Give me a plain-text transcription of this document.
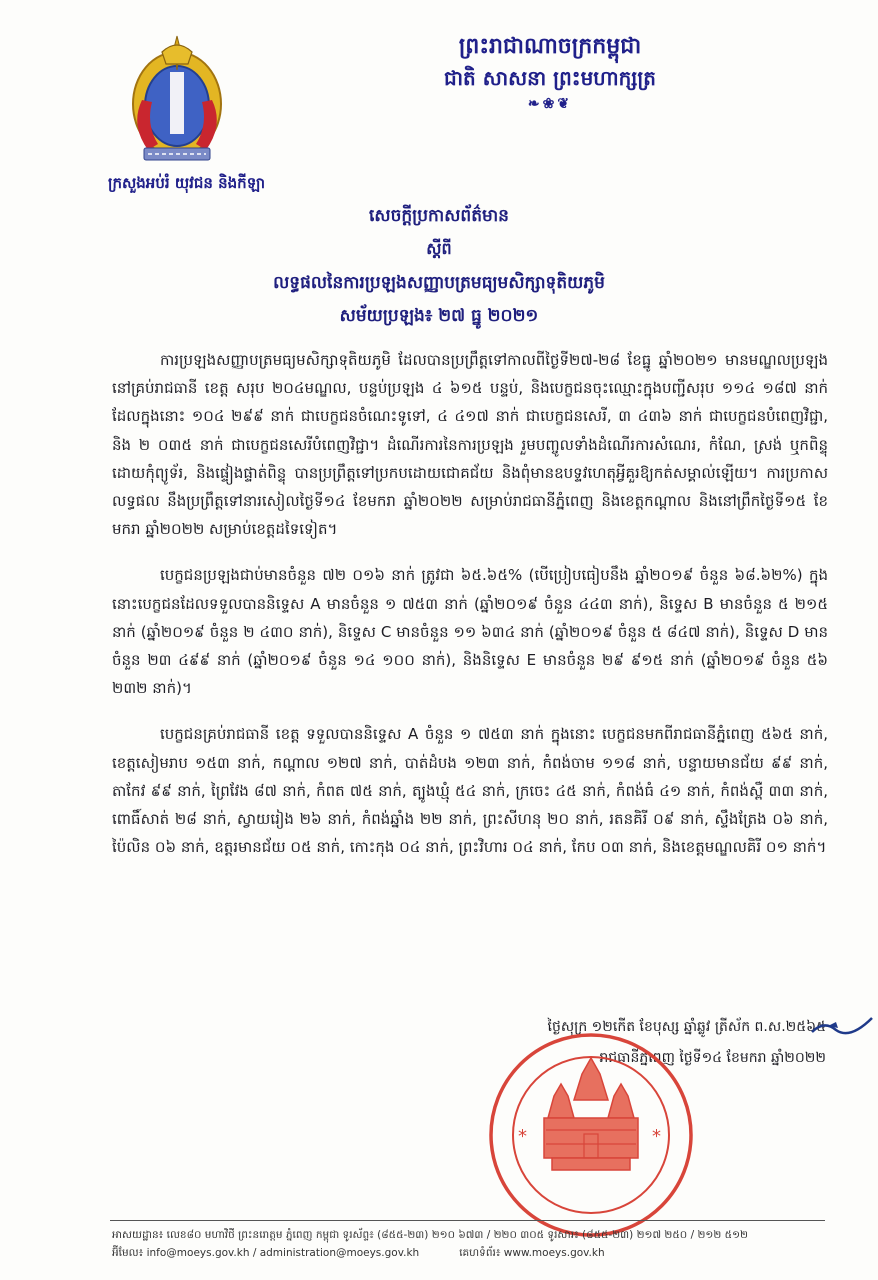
ព្រះរាជាណាចក្រកម្ពុជា
ជាតិ សាសនា ព្រះមហាក្សត្រ
❧❀❦
ក្រសួងអប់រំ យុវជន និងកីឡា
សេចក្ដីប្រកាសព័ត៌មាន
ស្ដីពី
លទ្ធផលនៃការប្រឡងសញ្ញាបត្រមធ្យមសិក្សាទុតិយភូមិ
សម័យប្រឡង៖ ២៧ ធ្នូ ២០២១

ការប្រឡងសញ្ញាបត្រមធ្យមសិក្សាទុតិយភូមិ ដែលបានប្រព្រឹត្តទៅកាលពីថ្ងៃទី២៧-២៨ ខែធ្នូ ឆ្នាំ២០២១ មានមណ្ឌលប្រឡងនៅគ្រប់រាជធានី ខេត្ត សរុប ២០៤មណ្ឌល, បន្ទប់ប្រឡង ៤ ៦១៥ បន្ទប់, និងបេក្ខជនចុះឈ្មោះក្នុងបញ្ជីសរុប ១១៤ ១៨៧ នាក់ ដែលក្នុងនោះ ១០៤ ២៩៩ នាក់ ជាបេក្ខជនចំណេះទូទៅ, ៤ ៤១៧ នាក់ ជាបេក្ខជនសេរី, ៣ ៤៣៦ នាក់ ជាបេក្ខជនបំពេញវិជ្ជា, និង ២ ០៣៥ នាក់ ជាបេក្ខជនសេរីបំពេញវិជ្ជា។ ដំណើរការនៃការប្រឡង រួមបញ្ចូលទាំងដំណើរការសំណេរ, កំណែ, ស្រង់ ឬកពិន្ទុដោយកុំព្យូទ័រ, និងផ្ទៀងផ្ទាត់ពិន្ទុ បានប្រព្រឹត្តទៅប្រកបដោយជោគជ័យ និងពុំមានឧបទ្ទវហេតុអ្វីគួរឱ្យកត់សម្គាល់ឡើយ។ ការប្រកាសលទ្ធផល នឹងប្រព្រឹត្តទៅនារសៀលថ្ងៃទី១៤ ខែមករា ឆ្នាំ២០២២ សម្រាប់រាជធានីភ្នំពេញ និងខេត្តកណ្ដាល និងនៅព្រឹកថ្ងៃទី១៥ ខែមករា ឆ្នាំ២០២២ សម្រាប់ខេត្តដទៃទៀត។

បេក្ខជនប្រឡងជាប់មានចំនួន ៧២ ០១៦ នាក់ ត្រូវជា ៦៥.៦៥% (បើប្រៀបធៀបនឹង ឆ្នាំ២០១៩ ចំនួន ៦៨.៦២%) ក្នុងនោះបេក្ខជនដែលទទួលបាននិទ្ទេស A មានចំនួន ១ ៧៥៣ នាក់ (ឆ្នាំ២០១៩ ចំនួន ៤៤៣ នាក់), និទ្ទេស B មានចំនួន ៥ ២១៥ នាក់ (ឆ្នាំ២០១៩ ចំនួន ២ ៤៣០ នាក់), និទ្ទេស C មានចំនួន ១១ ៦៣៤ នាក់ (ឆ្នាំ២០១៩ ចំនួន ៥ ៨៤៧ នាក់), និទ្ទេស D មានចំនួន ២៣ ៤៩៩ នាក់ (ឆ្នាំ២០១៩ ចំនួន ១៤ ១០០ នាក់), និងនិទ្ទេស E មានចំនួន ២៩ ៩១៥ នាក់ (ឆ្នាំ២០១៩ ចំនួន ៥៦ ២៣២ នាក់)។

បេក្ខជនគ្រប់រាជធានី ខេត្ត ទទួលបាននិទ្ទេស A ចំនួន ១ ៧៥៣ នាក់ ក្នុងនោះ បេក្ខជនមកពីរាជធានីភ្នំពេញ ៥៦៥ នាក់, ខេត្តសៀមរាប ១៥៣ នាក់, កណ្ដាល ១២៧ នាក់, បាត់ដំបង ១២៣ នាក់, កំពង់ចាម ១១៨ នាក់, បន្ទាយមានជ័យ ៩៩ នាក់, តាកែវ ៩៩ នាក់, ព្រៃវែង ៨៧ នាក់, កំពត ៧៥ នាក់, ត្បូងឃ្មុំ ៥៤ នាក់, ក្រចេះ ៤៥ នាក់, កំពង់ធំ ៤១ នាក់, កំពង់ស្ពឺ ៣៣ នាក់, ពោធិ៍សាត់ ២៨ នាក់, ស្វាយរៀង ២៦ នាក់, កំពង់ឆ្នាំង ២២ នាក់, ព្រះសីហនុ ២០ នាក់, រតនគិរី ០៩ នាក់, ស្ទឹងត្រែង ០៦ នាក់, ប៉ៃលិន ០៦ នាក់, ឧត្ដរមានជ័យ ០៥ នាក់, កោះកុង ០៤ នាក់, ព្រះវិហារ ០៤ នាក់, កែប ០៣ នាក់, និងខេត្តមណ្ឌលគិរី ០១ នាក់។

ថ្ងៃសុក្រ ១២កើត ខែបុស្ស ឆ្នាំឆ្លូវ ត្រីស័ក ព.ស.២៥៦៥
រាជធានីភ្នំពេញ ថ្ងៃទី១៤ ខែមករា ឆ្នាំ២០២២
*	*
អាសយដ្ឋាន៖ លេខ៨០ មហាវិថី ព្រះនរោត្តម ភ្នំពេញ កម្ពុជា ទូរស័ព្ទ៖ (៨៥៥-២៣) ២១០ ៦៧៣ / ២២០ ៣០៥ ទូរសារ៖ (៨៥៥-២៣) ២១៧ ២៥០ / ២១២ ៥១២
អ៊ីមែល៖ info@moeys.gov.kh / administration@moeys.gov.kh	គេហទំព័រ៖ www.moeys.gov.kh
